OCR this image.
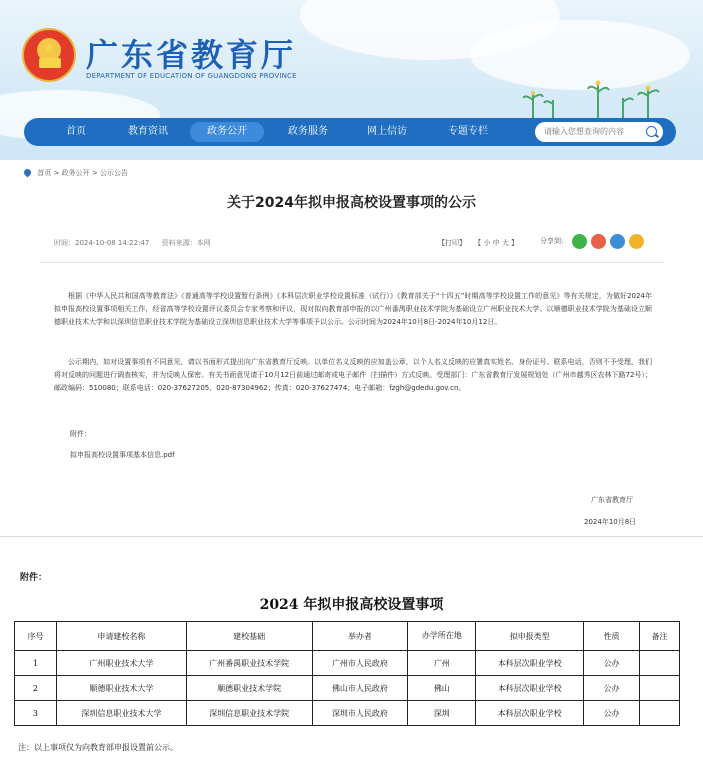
★ 广东省教育厅
DEPARTMENT OF EDUCATION OF GUANGDONG PROVINCE
首页	教育资讯	政务公开	政务服务	网上信访	专题专栏
请输入您想查询的内容
首页 > 政务公开 > 公示公告
关于2024年拟申报高校设置事项的公示
时间：2024-10-08 14:22:47 资料来源：本网	【打印】 【 小 中 大 】	分享到:

根据《中华人民共和国高等教育法》《普通高等学校设置暂行条例》《本科层次职业学校设置标准（试行）》《教育部关于“十四五”时期高等学校设置工作的意见》等有关规定，为做好2024年拟申报高校设置事项相关工作，经省高等学校设置评议委员会专家考察和评议，现对拟向教育部申报的以广州番禺职业技术学院为基础设立广州职业技术大学、以顺德职业技术学院为基础设立顺德职业技术大学和以深圳信息职业技术学院为基础设立深圳信息职业技术大学等事项予以公示。公示时间为2024年10月8日-2024年10月12日。

公示期内，如对设置事项有不同意见，请以书面形式提出向广东省教育厅反映。以单位名义反映的应加盖公章，以个人名义反映的应署真实姓名、身份证号、联系电话，否则不予受理。我们将对反映的问题进行调查核实，并为反映人保密。有关书面意见请于10月12日前通过邮寄或电子邮件（扫描件）方式反映。受理部门：广东省教育厅发展规划处（广州市越秀区农林下路72号）；邮政编码：510080；联系电话：020-37627205、020-87304962；传真：020-37627474；电子邮箱：fzgh@gdedu.gov.cn。

附件：
拟申报高校设置事项基本信息.pdf
广东省教育厅
2024年10月8日
附件：
2024 年拟申报高校设置事项
序号	申请建校名称	建校基础	举办者	办学所在地	拟申报类型	性质	备注
1	广州职业技术大学	广州番禺职业技术学院	广州市人民政府	广州	本科层次职业学校	公办	
2	顺德职业技术大学	顺德职业技术学院	佛山市人民政府	佛山	本科层次职业学校	公办	
3	深圳信息职业技术大学	深圳信息职业技术学院	深圳市人民政府	深圳	本科层次职业学校	公办	
注：以上事项仅为向教育部申报设置前公示。
